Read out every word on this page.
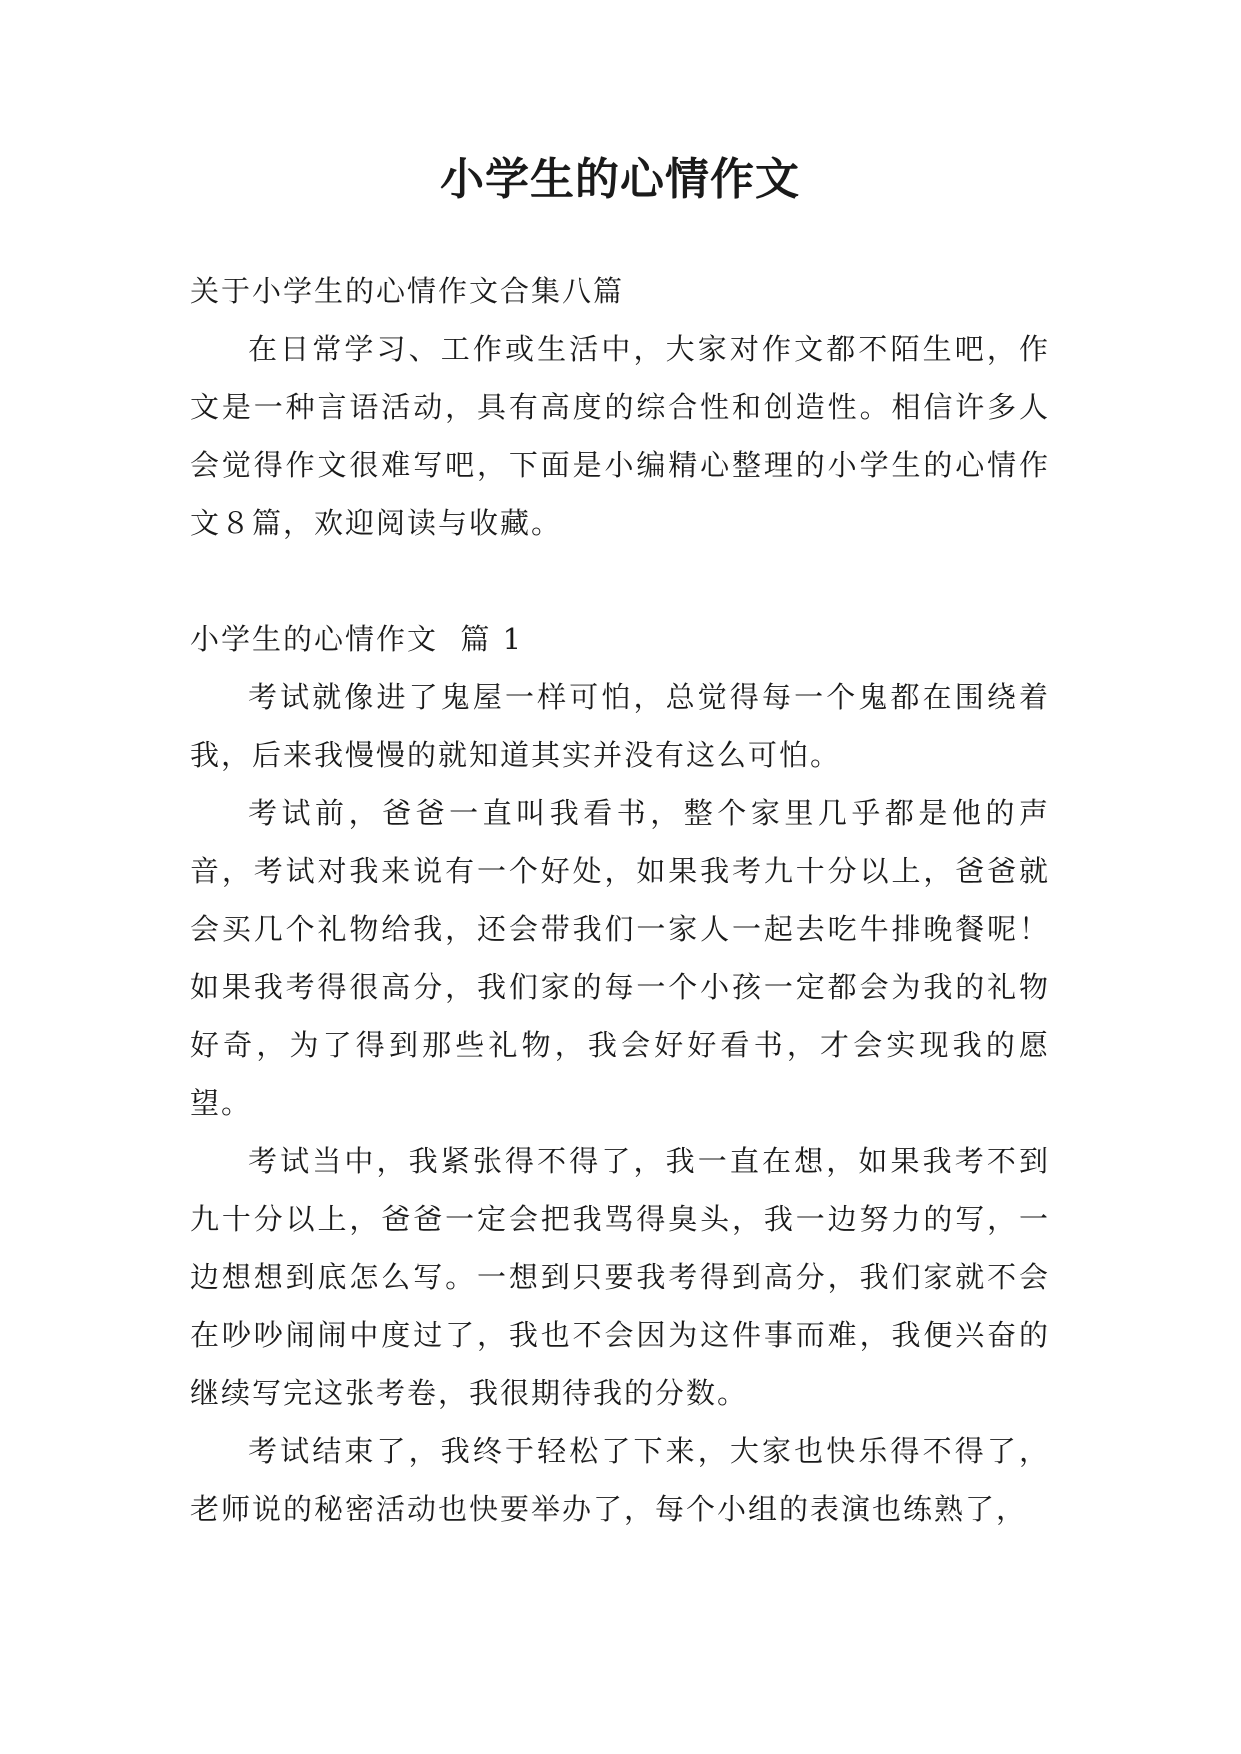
小学生的心情作文

关于小学生的心情作文合集八篇

在日常学习、工作或生活中，大家对作文都不陌生吧，作文是一种言语活动，具有高度的综合性和创造性。相信许多人会觉得作文很难写吧，下面是小编精心整理的小学生的心情作文８篇，欢迎阅读与收藏。

小学生的心情作文  篇 1

考试就像进了鬼屋一样可怕，总觉得每一个鬼都在围绕着我，后来我慢慢的就知道其实并没有这么可怕。

考试前，爸爸一直叫我看书，整个家里几乎都是他的声音，考试对我来说有一个好处，如果我考九十分以上，爸爸就会买几个礼物给我，还会带我们一家人一起去吃牛排晚餐呢！如果我考得很高分，我们家的每一个小孩一定都会为我的礼物好奇，为了得到那些礼物，我会好好看书，才会实现我的愿望。

考试当中，我紧张得不得了，我一直在想，如果我考不到九十分以上，爸爸一定会把我骂得臭头，我一边努力的写，一边想想到底怎么写。一想到只要我考得到高分，我们家就不会在吵吵闹闹中度过了，我也不会因为这件事而难，我便兴奋的继续写完这张考卷，我很期待我的分数。

考试结束了，我终于轻松了下来，大家也快乐得不得了，老师说的秘密活动也快要举办了，每个小组的表演也练熟了，
